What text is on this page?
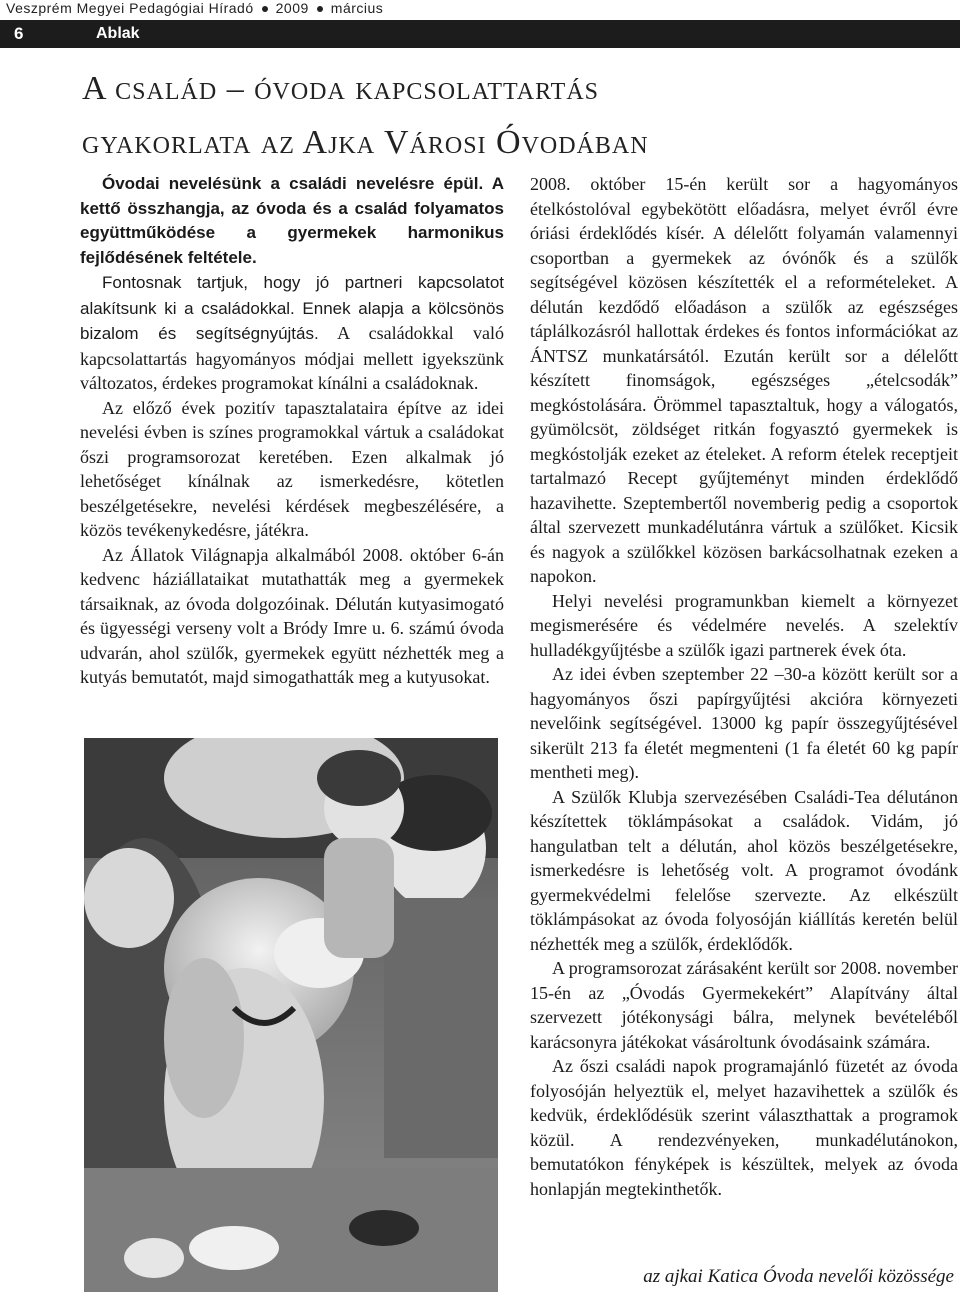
Veszprém Megyei Pedagógiai Híradó 2009 március
6	Ablak
A család – óvoda kapcsolattartás
gyakorlata az Ajka Városi Óvodában

Óvodai nevelésünk a családi nevelésre épül. A kettő összhangja, az óvoda és a család folyamatos együttműködése a gyermekek harmonikus fejlődésének feltétele.

Fontosnak tartjuk, hogy jó partneri kapcsolatot alakítsunk ki a családokkal. Ennek alapja a kölcsönös bizalom és segítségnyújtás. A családokkal való kapcsolattartás hagyományos módjai mellett igyekszünk változatos, érdekes programokat kínálni a családoknak.

Az előző évek pozitív tapasztalataira építve az idei nevelési évben is színes programokkal vártuk a családokat őszi programsorozat keretében. Ezen alkalmak jó lehetőséget kínálnak az ismerkedésre, kötetlen beszélgetésekre, nevelési kérdések megbeszélésére, a közös tevékenykedésre, játékra.

Az Állatok Világnapja alkalmából 2008. október 6-án kedvenc háziállataikat mutathatták meg a gyermekek társaiknak, az óvoda dolgozóinak. Délután kutyasimogató és ügyességi verseny volt a Bródy Imre u. 6. számú óvoda udvarán, ahol szülők, gyermekek együtt nézhették meg a kutyás bemutatót, majd simogathatták meg a kutyusokat.

2008. október 15-én került sor a hagyományos ételkóstolóval egybekötött előadásra, melyet évről évre óriási érdeklődés kísér. A délelőtt folyamán valamennyi csoportban a gyermekek az óvónők és a szülők segítségével közösen készítették el a reformételeket. A délután kezdődő előadáson a szülők az egészséges táplálkozásról hallottak érdekes és fontos információkat az ÁNTSZ munkatársától. Ezután került sor a délelőtt készített finomságok, egészséges „ételcsodák” megkóstolására. Örömmel tapasztaltuk, hogy a válogatós, gyümölcsöt, zöldséget ritkán fogyasztó gyermekek is megkóstolják ezeket az ételeket. A reform ételek receptjeit tartalmazó Recept gyűjteményt minden érdeklődő hazavihette. Szeptembertől novemberig pedig a csoportok által szervezett munkadélutánra vártuk a szülőket. Kicsik és nagyok a szülőkkel közösen barkácsolhatnak ezeken a napokon.

Helyi nevelési programunkban kiemelt a környezet megismerésére és védelmére nevelés. A szelektív hulladékgyűjtésbe a szülők igazi partnerek évek óta.

Az idei évben szeptember 22 –30-a között került sor a hagyományos őszi papírgyűjtési akcióra környezeti nevelőink segítségével. 13000 kg papír összegyűjtésével sikerült 213 fa életét megmenteni (1 fa életét 60 kg papír mentheti meg).

A Szülők Klubja szervezésében Családi-Tea délutánon készítettek töklámpásokat a családok. Vidám, jó hangulatban telt a délután, ahol közös beszélgetésekre, ismerkedésre is lehetőség volt. A programot óvodánk gyermekvédelmi felelőse szervezte. Az elkészült töklámpásokat az óvoda folyosóján kiállítás keretén belül nézhették meg a szülők, érdeklődők.

A programsorozat zárásaként került sor 2008. november 15-én az „Óvodás Gyermekekért” Alapítvány által szervezett jótékonysági bálra, melynek bevételéből karácsonyra játékokat vásároltunk óvodásaink számára.

Az őszi családi napok programajánló füzetét az óvoda folyosóján helyeztük el, melyet hazavihettek a szülők és kedvük, érdeklődésük szerint választhattak a programok közül. A rendezvényeken, munkadélutánokon, bemutatókon fényképek is készültek, melyek az óvoda honlapján megtekinthetők.

az ajkai Katica Óvoda nevelői közössége
